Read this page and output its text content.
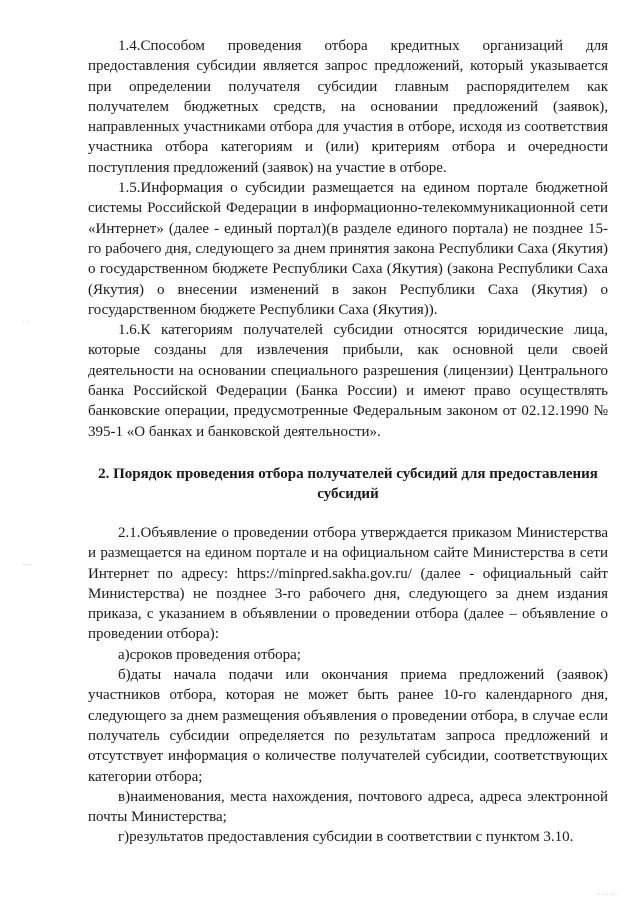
1.4.Способом проведения отбора кредитных организаций для предоставления субсидии является запрос предложений, который указывается при определении получателя субсидии главным распорядителем как получателем бюджетных средств, на основании предложений (заявок), направленных участниками отбора для участия в отборе, исходя из соответствия участника отбора категориям и (или) критериям отбора и очередности поступления предложений (заявок) на участие в отборе.

1.5.Информация о субсидии размещается на едином портале бюджетной системы Российской Федерации в информационно-телекоммуникационной сети «Интернет» (далее - единый портал)(в разделе единого портала) не позднее 15-го рабочего дня, следующего за днем принятия закона Республики Саха (Якутия) о государственном бюджете Республики Саха (Якутия) (закона Республики Саха (Якутия) о внесении изменений в закон Республики Саха (Якутия) о государственном бюджете Республики Саха (Якутия)).

1.6.К категориям получателей субсидии относятся юридические лица, которые созданы для извлечения прибыли, как основной цели своей деятельности на основании специального разрешения (лицензии) Центрального банка Российской Федерации (Банка России) и имеют право осуществлять банковские операции, предусмотренные Федеральным законом от 02.12.1990 № 395-1 «О банках и банковской деятельности».

2. Порядок проведения отбора получателей субсидий для предоставления субсидий

2.1.Объявление о проведении отбора утверждается приказом Министерства и размещается на едином портале и на официальном сайте Министерства в сети Интернет по адресу: https://minpred.sakha.gov.ru/ (далее - официальный сайт Министерства) не позднее 3-го рабочего дня, следующего за днем издания приказа, с указанием в объявлении о проведении отбора (далее – объявление о проведении отбора):

а)сроков проведения отбора;

б)даты начала подачи или окончания приема предложений (заявок) участников отбора, которая не может быть ранее 10-го календарного дня, следующего за днем размещения объявления о проведении отбора, в случае если получатель субсидии определяется по результатам запроса предложений и отсутствует информация о количестве получателей субсидии, соответствующих категории отбора;

в)наименования, места нахождения, почтового адреса, адреса электронной почты Министерства;

г)результатов предоставления субсидии в соответствии с пунктом 3.10.

· ·
·––
·········
